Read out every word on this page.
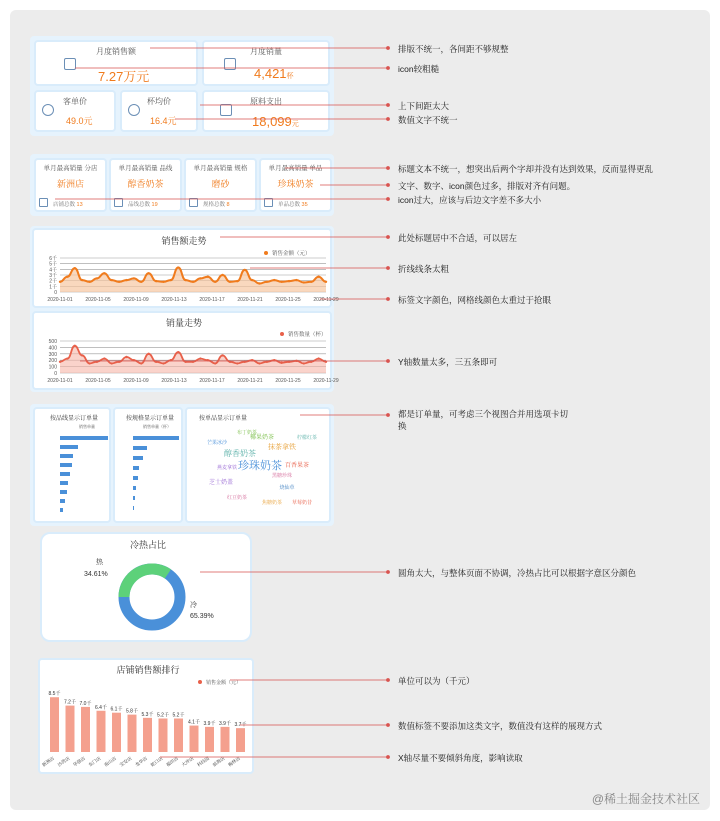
月度销售额
7.27万元
月度销量
4,421杯
客单价
49.0元
杯均价
16.4元
原料支出
18,099元
单月最高销量 分店
新洲店
店铺总数 13
单月最高销量 品线
醇香奶茶
品线总数 19
单月最高销量 规格
磨砂
规格总数 8
单月最高销量 单品
珍珠奶茶
单品总数 35
销售额走势
销售金额（元）
6千
5千
4千
3千
2千
1千
0
2020-11-01	2020-11-05	2020-11-09	2020-11-13	2020-11-17	2020-11-21	2020-11-25	2020-11-29
销量走势
销售数量（杯）
500
400
300
200
100
0
2020-11-01	2020-11-05	2020-11-09	2020-11-13	2020-11-17	2020-11-21	2020-11-25	2020-11-29
按品线显示订单量
销售单量
按规格显示订单量
销售单量（杯）
按单品显示订单量
珍珠奶茶
醇香奶茶
抹茶拿铁
芝士奶盖
百香果茶
椰果奶茶
红豆奶茶
烧仙草
芒果冰沙
柠檬红茶
焦糖奶茶
燕麦拿铁
草莓奶昔
布丁奶茶
黑糖珍珠
冷热占比
热
34.61%
冷
65.39%
店铺销售额排行
销售金额（元）
8.5千
新洲店
7.2千
沙湾店
7.0千
华强店
6.4千
东门店
6.1千
南山店
5.8千
宝安店
5.3千
龙华店
5.2千
蛇口店
5.2千
福田店
4.1千
大冲店
3.9千
科技园
3.9千
前海店
3.7千
梅林店
排版不统一，各间距不够规整
icon较粗糙
上下间距太大
数值文字不统一
标题文本不统一，想突出后两个字却并没有达到效果，反而显得更乱
文字、数字、icon颜色过多，排版对齐有问题。
icon过大，应该与后边文字差不多大小
此处标题居中不合适，可以居左
折线线条太粗
标签文字颜色，网格线颜色太重过于抢眼
Y轴数量太多，三五条即可
都是订单量，可考虑三个视图合并用选项卡切换
圆角太大，与整体页面不协调，冷热占比可以根据字意区分颜色
单位可以为（千元）
数值标签不要添加这类文字，数值没有这样的展现方式
X轴尽量不要倾斜角度，影响读取
@稀土掘金技术社区
